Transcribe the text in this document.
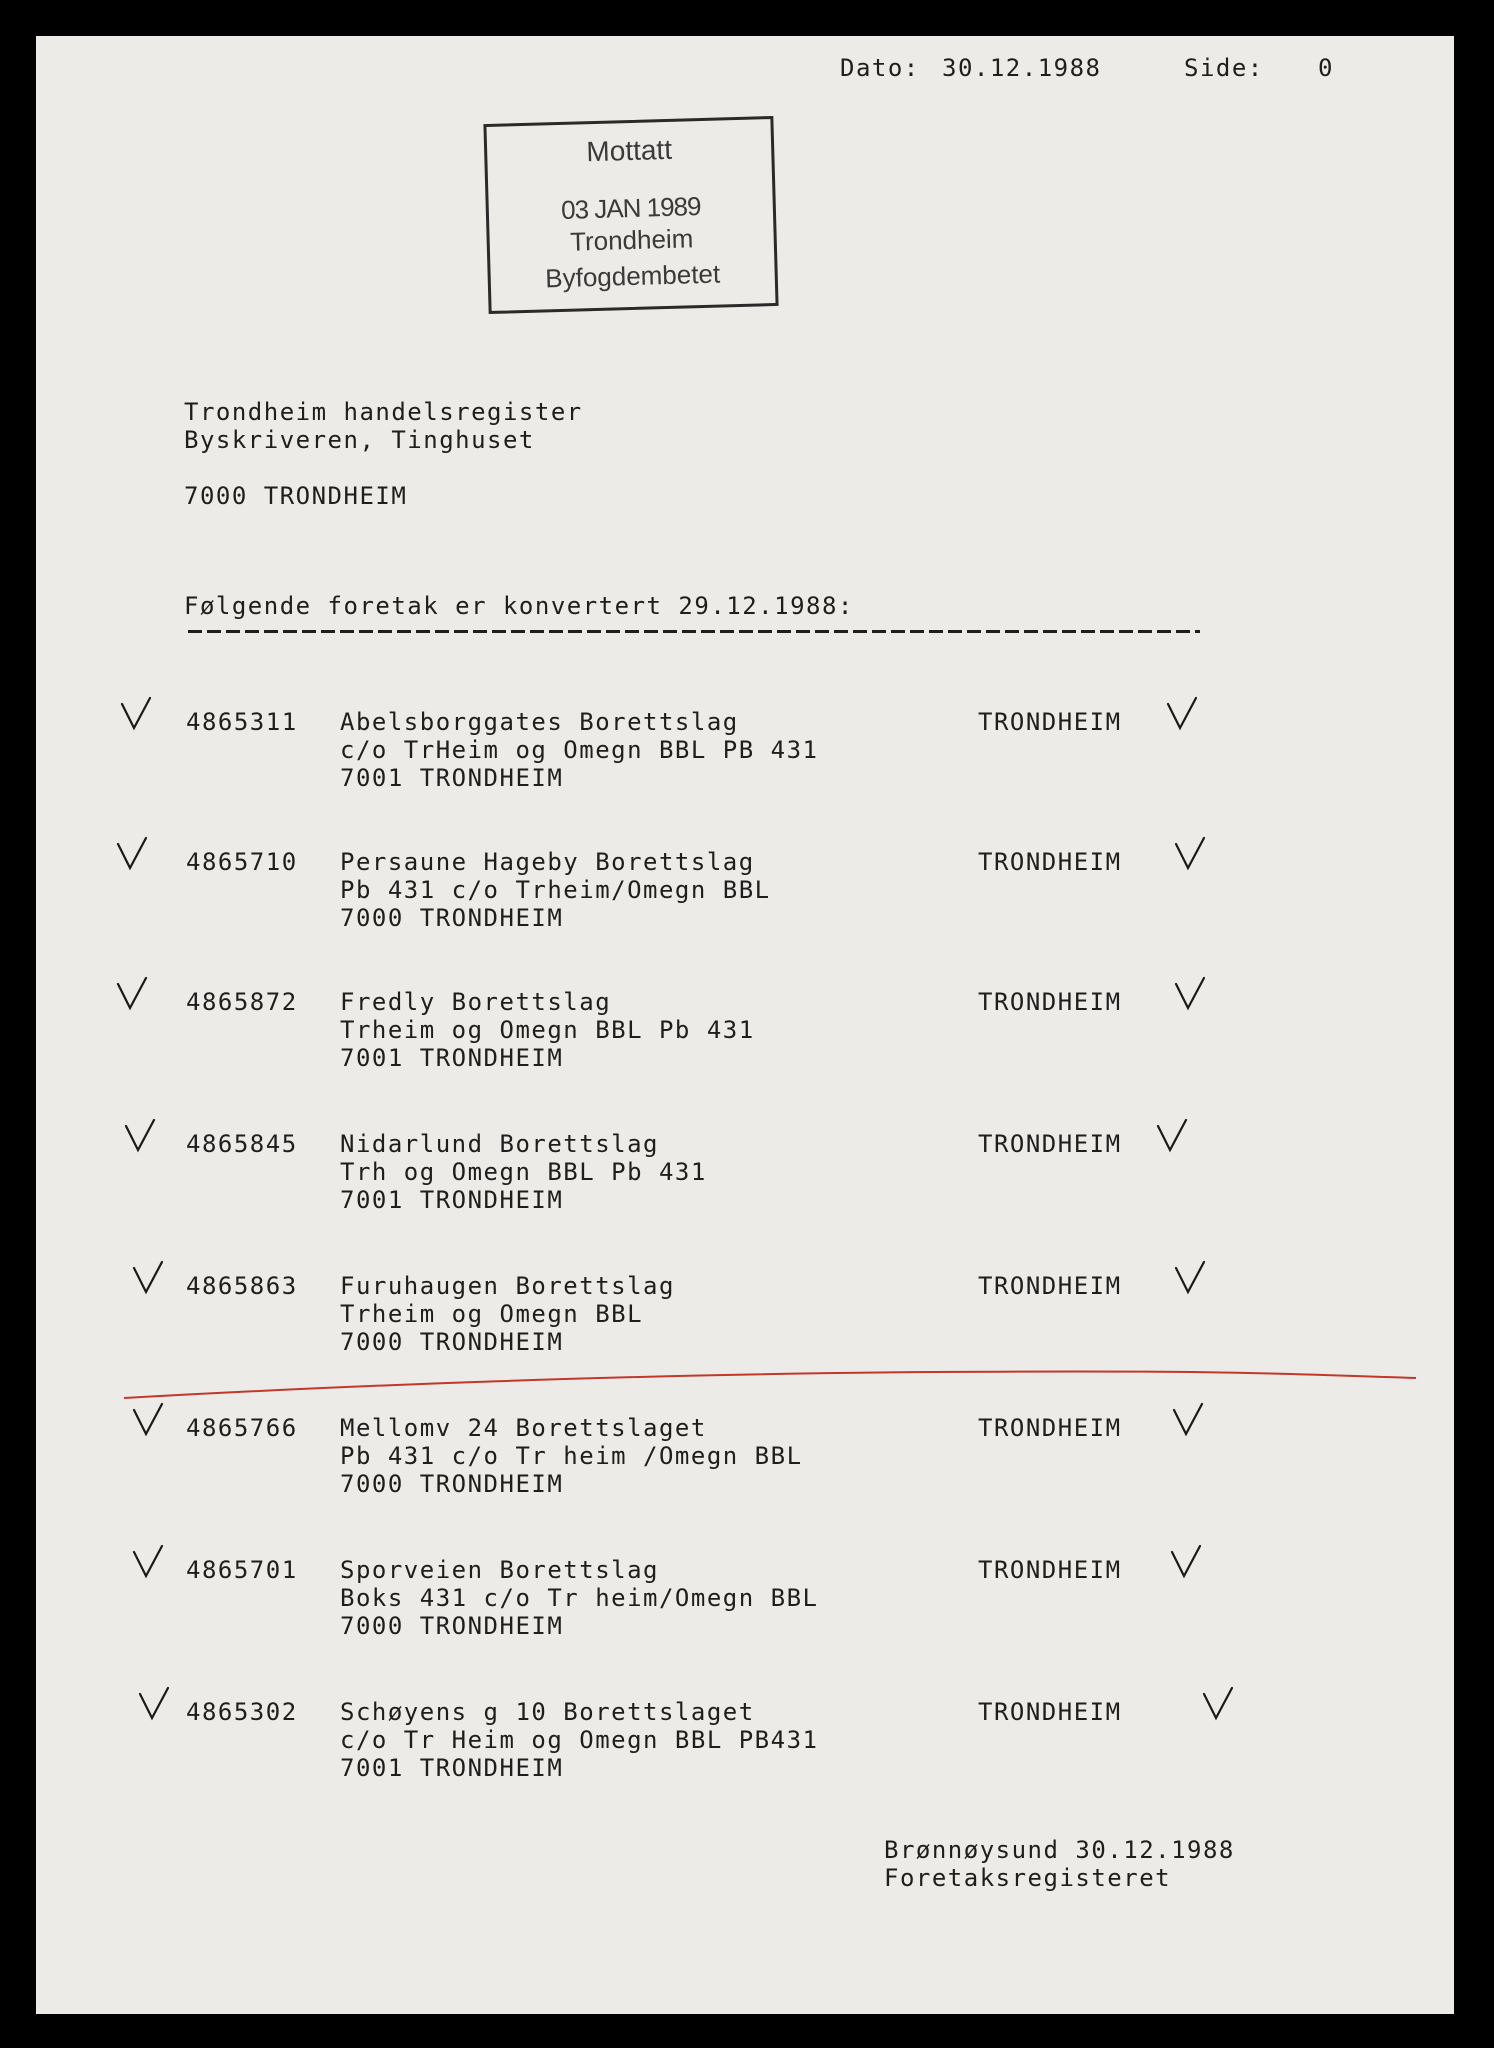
Dato: 30.12.1988	Side: 0
Mottatt
03 JAN 1989
Trondheim
Byfogdembetet
Trondheim handelsregister
Byskriveren, Tinghuset
7000 TRONDHEIM
Følgende foretak er konvertert 29.12.1988:
4865311 Abelsborggates Borettslag
c/o TrHeim og Omegn BBL PB 431
7001 TRONDHEIM
TRONDHEIM
4865710 Persaune Hageby Borettslag
Pb 431 c/o Trheim/Omegn BBL
7000 TRONDHEIM
TRONDHEIM
4865872 Fredly Borettslag
Trheim og Omegn BBL Pb 431
7001 TRONDHEIM
TRONDHEIM
4865845 Nidarlund Borettslag
Trh og Omegn BBL Pb 431
7001 TRONDHEIM
TRONDHEIM
4865863 Furuhaugen Borettslag
Trheim og Omegn BBL
7000 TRONDHEIM
TRONDHEIM
4865766 Mellomv 24 Borettslaget
Pb 431 c/o Tr heim /Omegn BBL
7000 TRONDHEIM
TRONDHEIM
4865701 Sporveien Borettslag
Boks 431 c/o Tr heim/Omegn BBL
7000 TRONDHEIM
TRONDHEIM
4865302 Schøyens g 10 Borettslaget
c/o Tr Heim og Omegn BBL PB431
7001 TRONDHEIM
TRONDHEIM
Brønnøysund 30.12.1988
Foretaksregisteret
